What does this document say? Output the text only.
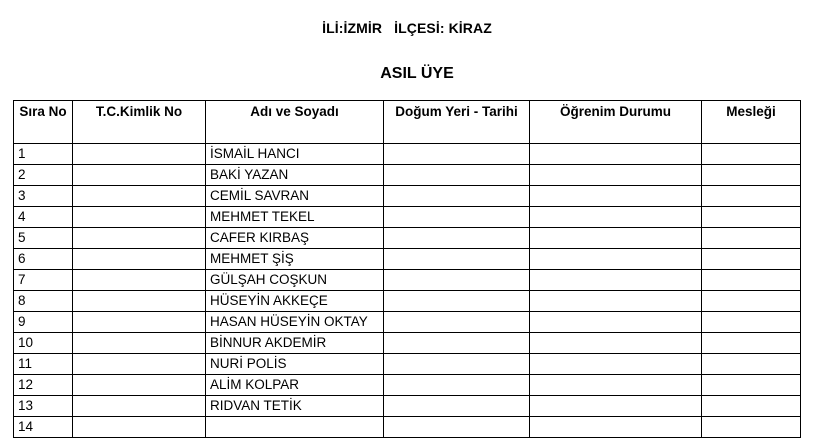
İLİ:İZMİR İLÇESİ: KİRAZ
ASIL ÜYE
Sıra No	T.C.Kimlik No	Adı ve Soyadı	Doğum Yeri - Tarihi	Öğrenim Durumu	Mesleği
1		İSMAİL HANCI			
2		BAKİ YAZAN			
3		CEMİL SAVRAN			
4		MEHMET TEKEL			
5		CAFER KIRBAŞ			
6		MEHMET ŞİŞ			
7		GÜLŞAH COŞKUN			
8		HÜSEYİN AKKEÇE			
9		HASAN HÜSEYİN OKTAY			
10		BİNNUR AKDEMİR			
11		NURİ POLİS			
12		ALİM KOLPAR			
13		RIDVAN TETİK			
14					
